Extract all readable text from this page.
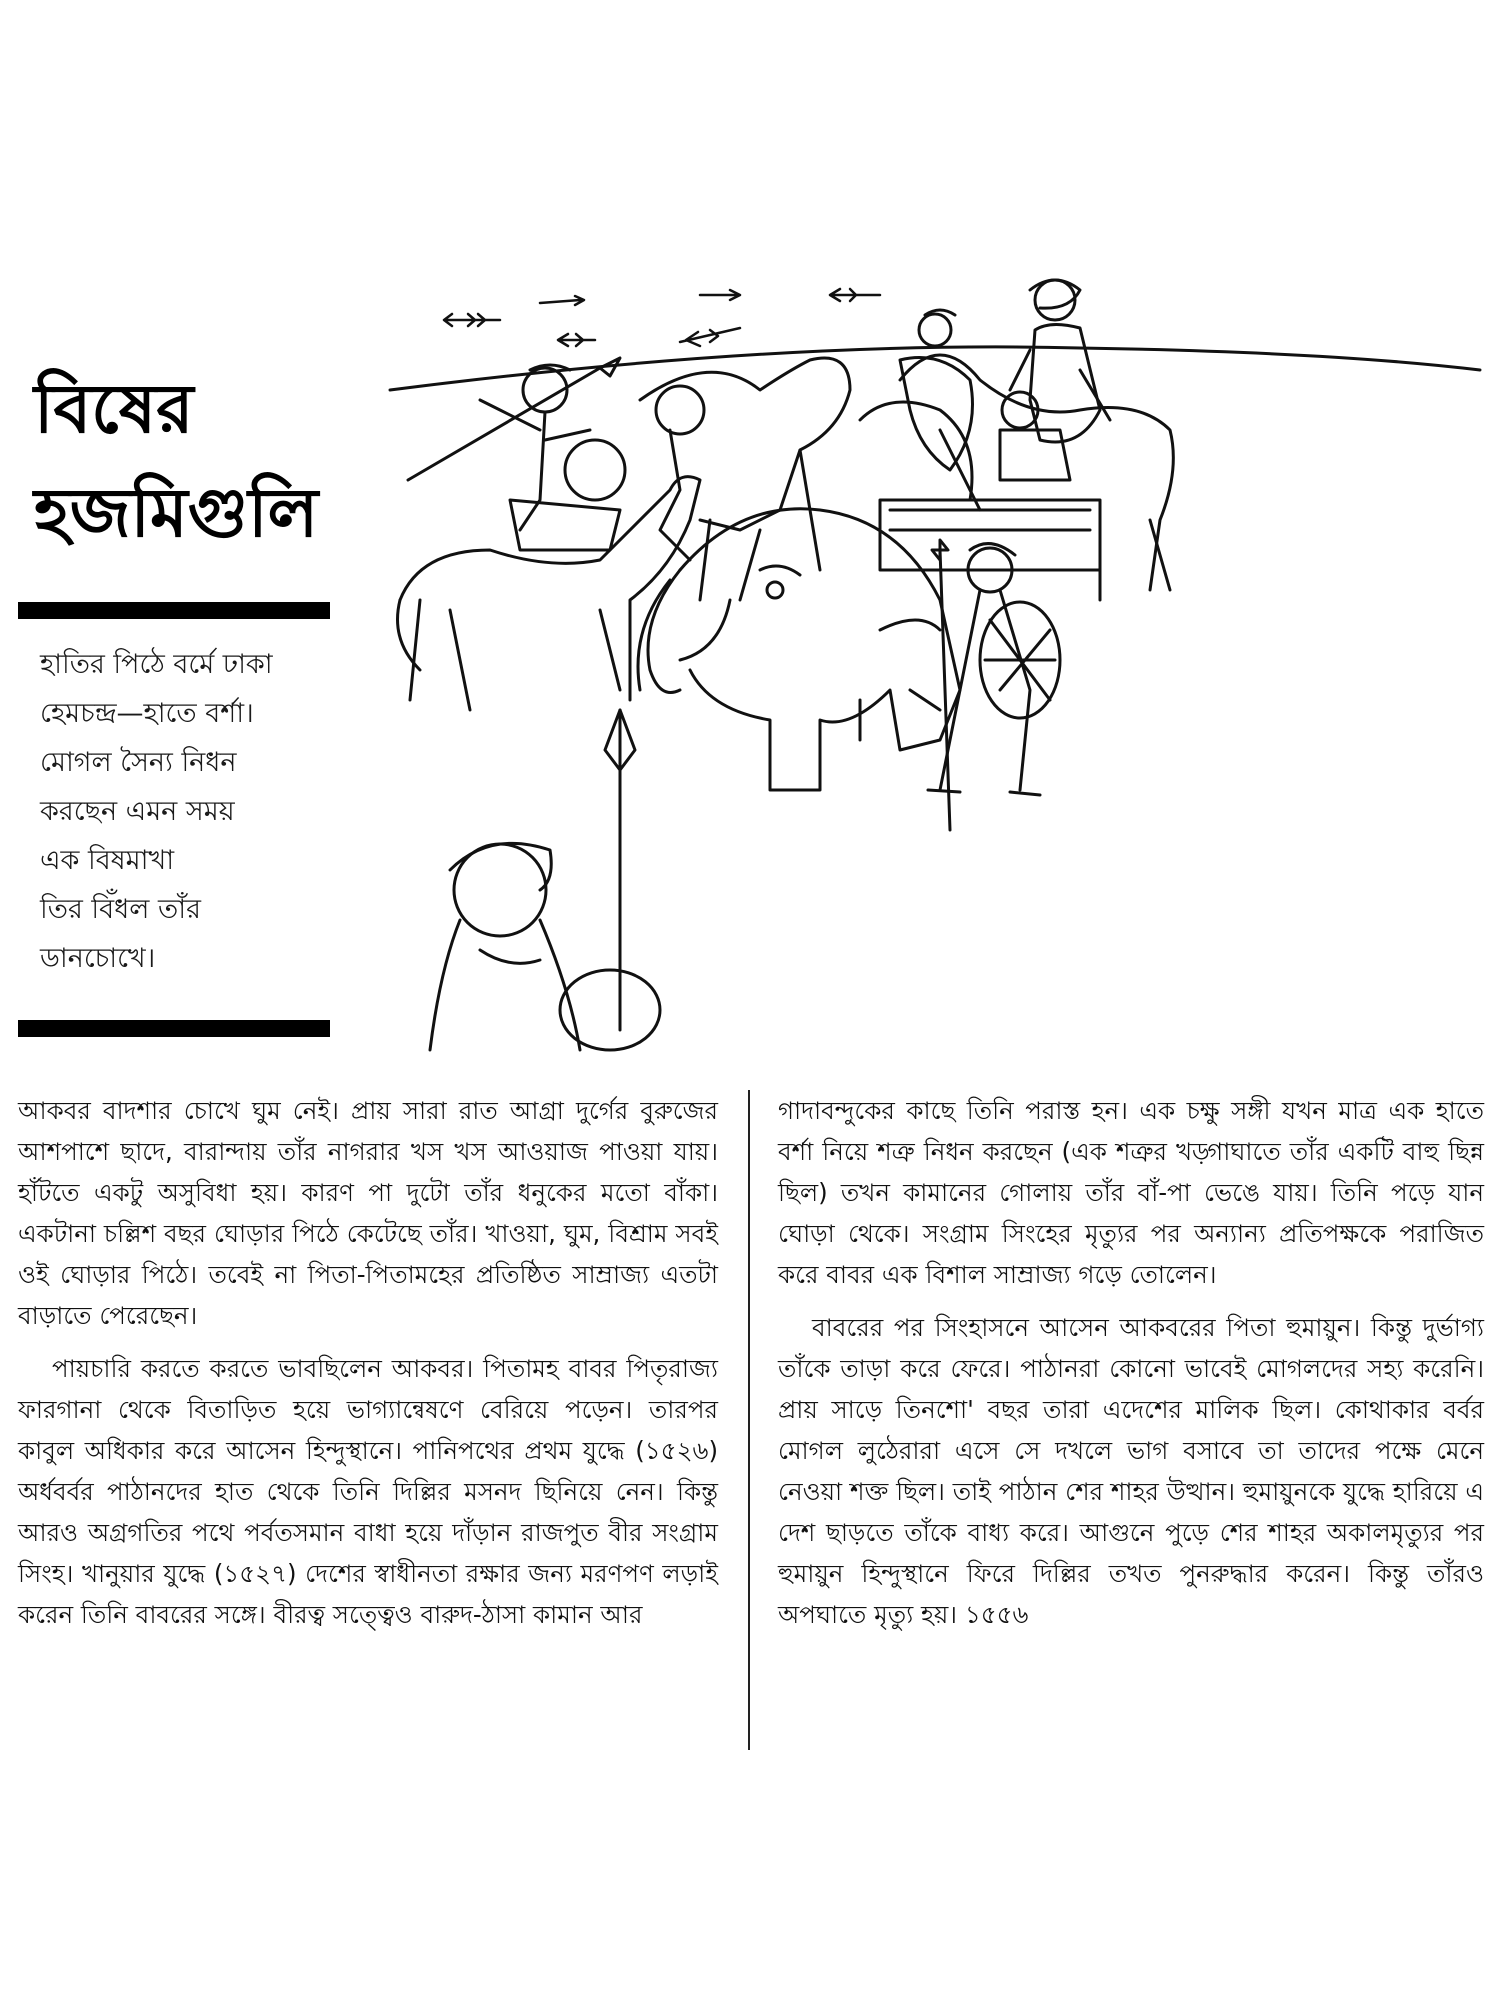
বিষের
হজমিগুলি
হাতির পিঠে বর্মে ঢাকা
হেমচন্দ্র—হাতে বর্শা।
মোগল সৈন্য নিধন
করছেন এমন সময়
এক বিষমাখা
তির বিঁধল তাঁর
ডানচোখে।

আকবর বাদশার চোখে ঘুম নেই। প্রায় সারা রাত আগ্রা দুর্গের বুরুজের আশপাশে ছাদে, বারান্দায় তাঁর নাগরার খস খস আওয়াজ পাওয়া যায়। হাঁটতে একটু অসুবিধা হয়। কারণ পা দুটো তাঁর ধনুকের মতো বাঁকা। একটানা চল্লিশ বছর ঘোড়ার পিঠে কেটেছে তাঁর। খাওয়া, ঘুম, বিশ্রাম সবই ওই ঘোড়ার পিঠে। তবেই না পিতা-পিতামহের প্রতিষ্ঠিত সাম্রাজ্য এতটা বাড়াতে পেরেছেন।

পায়চারি করতে করতে ভাবছিলেন আকবর। পিতামহ বাবর পিতৃরাজ্য ফারগানা থেকে বিতাড়িত হয়ে ভাগ্যান্বেষণে বেরিয়ে পড়েন। তারপর কাবুল অধিকার করে আসেন হিন্দুস্থানে। পানিপথের প্রথম যুদ্ধে (১৫২৬) অর্ধবর্বর পাঠানদের হাত থেকে তিনি দিল্লির মসনদ ছিনিয়ে নেন। কিন্তু আরও অগ্রগতির পথে পর্বতসমান বাধা হয়ে দাঁড়ান রাজপুত বীর সংগ্রাম সিংহ। খানুয়ার যুদ্ধে (১৫২৭) দেশের স্বাধীনতা রক্ষার জন্য মরণপণ লড়াই করেন তিনি বাবরের সঙ্গে। বীরত্ব সত্ত্বেও বারুদ-ঠাসা কামান আর

গাদাবন্দুকের কাছে তিনি পরাস্ত হন। এক চক্ষু সঙ্গী যখন মাত্র এক হাতে বর্শা নিয়ে শত্রু নিধন করছেন (এক শত্রুর খড়্গাঘাতে তাঁর একটি বাহু ছিন্ন ছিল) তখন কামানের গোলায় তাঁর বাঁ-পা ভেঙে যায়। তিনি পড়ে যান ঘোড়া থেকে। সংগ্রাম সিংহের মৃত্যুর পর অন্যান্য প্রতিপক্ষকে পরাজিত করে বাবর এক বিশাল সাম্রাজ্য গড়ে তোলেন।

বাবরের পর সিংহাসনে আসেন আকবরের পিতা হুমায়ুন। কিন্তু দুর্ভাগ্য তাঁকে তাড়া করে ফেরে। পাঠানরা কোনো ভাবেই মোগলদের সহ্য করেনি। প্রায় সাড়ে তিনশো' বছর তারা এদেশের মালিক ছিল। কোথাকার বর্বর মোগল লুঠেরারা এসে সে দখলে ভাগ বসাবে তা তাদের পক্ষে মেনে নেওয়া শক্ত ছিল। তাই পাঠান শের শাহর উত্থান। হুমায়ুনকে যুদ্ধে হারিয়ে এ দেশ ছাড়তে তাঁকে বাধ্য করে। আগুনে পুড়ে শের শাহর অকালমৃত্যুর পর হুমায়ুন হিন্দুস্থানে ফিরে দিল্লির তখত পুনরুদ্ধার করেন। কিন্তু তাঁরও অপঘাতে মৃত্যু হয়। ১৫৫৬
